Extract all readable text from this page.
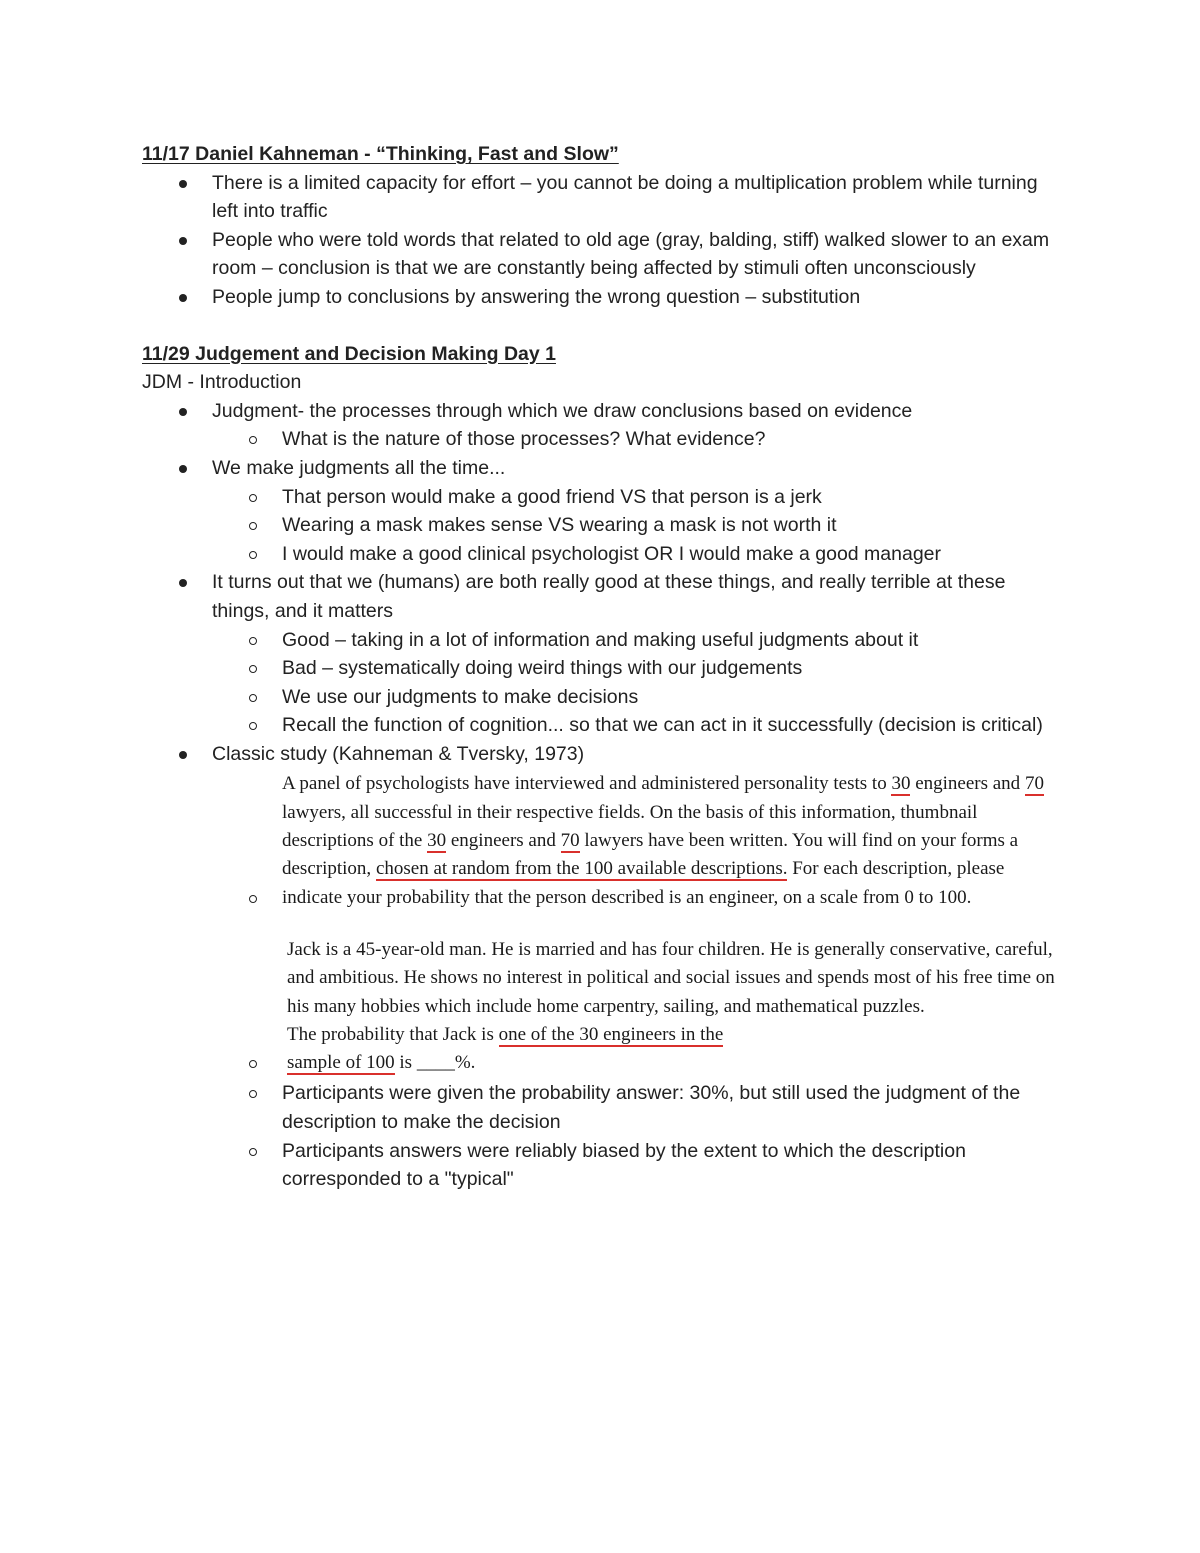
11/17 Daniel Kahneman - “Thinking, Fast and Slow”
There is a limited capacity for effort – you cannot be doing a multiplication problem while turning left into traffic
People who were told words that related to old age (gray, balding, stiff) walked slower to an exam room – conclusion is that we are constantly being affected by stimuli often unconsciously
People jump to conclusions by answering the wrong question – substitution
11/29 Judgement and Decision Making Day 1
JDM - Introduction
Judgment- the processes through which we draw conclusions based on evidence
What is the nature of those processes? What evidence?
We make judgments all the time...
That person would make a good friend VS that person is a jerk
Wearing a mask makes sense VS wearing a mask is not worth it
I would make a good clinical psychologist OR I would make a good manager
It turns out that we (humans) are both really good at these things, and really terrible at these things, and it matters
Good – taking in a lot of information and making useful judgments about it
Bad – systematically doing weird things with our judgements
We use our judgments to make decisions
Recall the function of cognition... so that we can act in it successfully (decision is critical)
Classic study (Kahneman & Tversky, 1973)
A panel of psychologists have interviewed and administered personality tests to 30 engineers and 70 lawyers, all successful in their respective fields. On the basis of this information, thumbnail descriptions of the 30 engineers and 70 lawyers have been written. You will find on your forms a description, chosen at random from the 100 available descriptions. For each description, please indicate your probability that the person described is an engineer, on a scale from 0 to 100.
Jack is a 45-year-old man. He is married and has four children. He is generally conservative, careful, and ambitious. He shows no interest in political and social issues and spends most of his free time on his many hobbies which include home carpentry, sailing, and mathematical puzzles.
The probability that Jack is one of the 30 engineers in the
sample of 100 is ____%.
Participants were given the probability answer: 30%, but still used the judgment of the description to make the decision
Participants answers were reliably biased by the extent to which the description corresponded to a "typical"
